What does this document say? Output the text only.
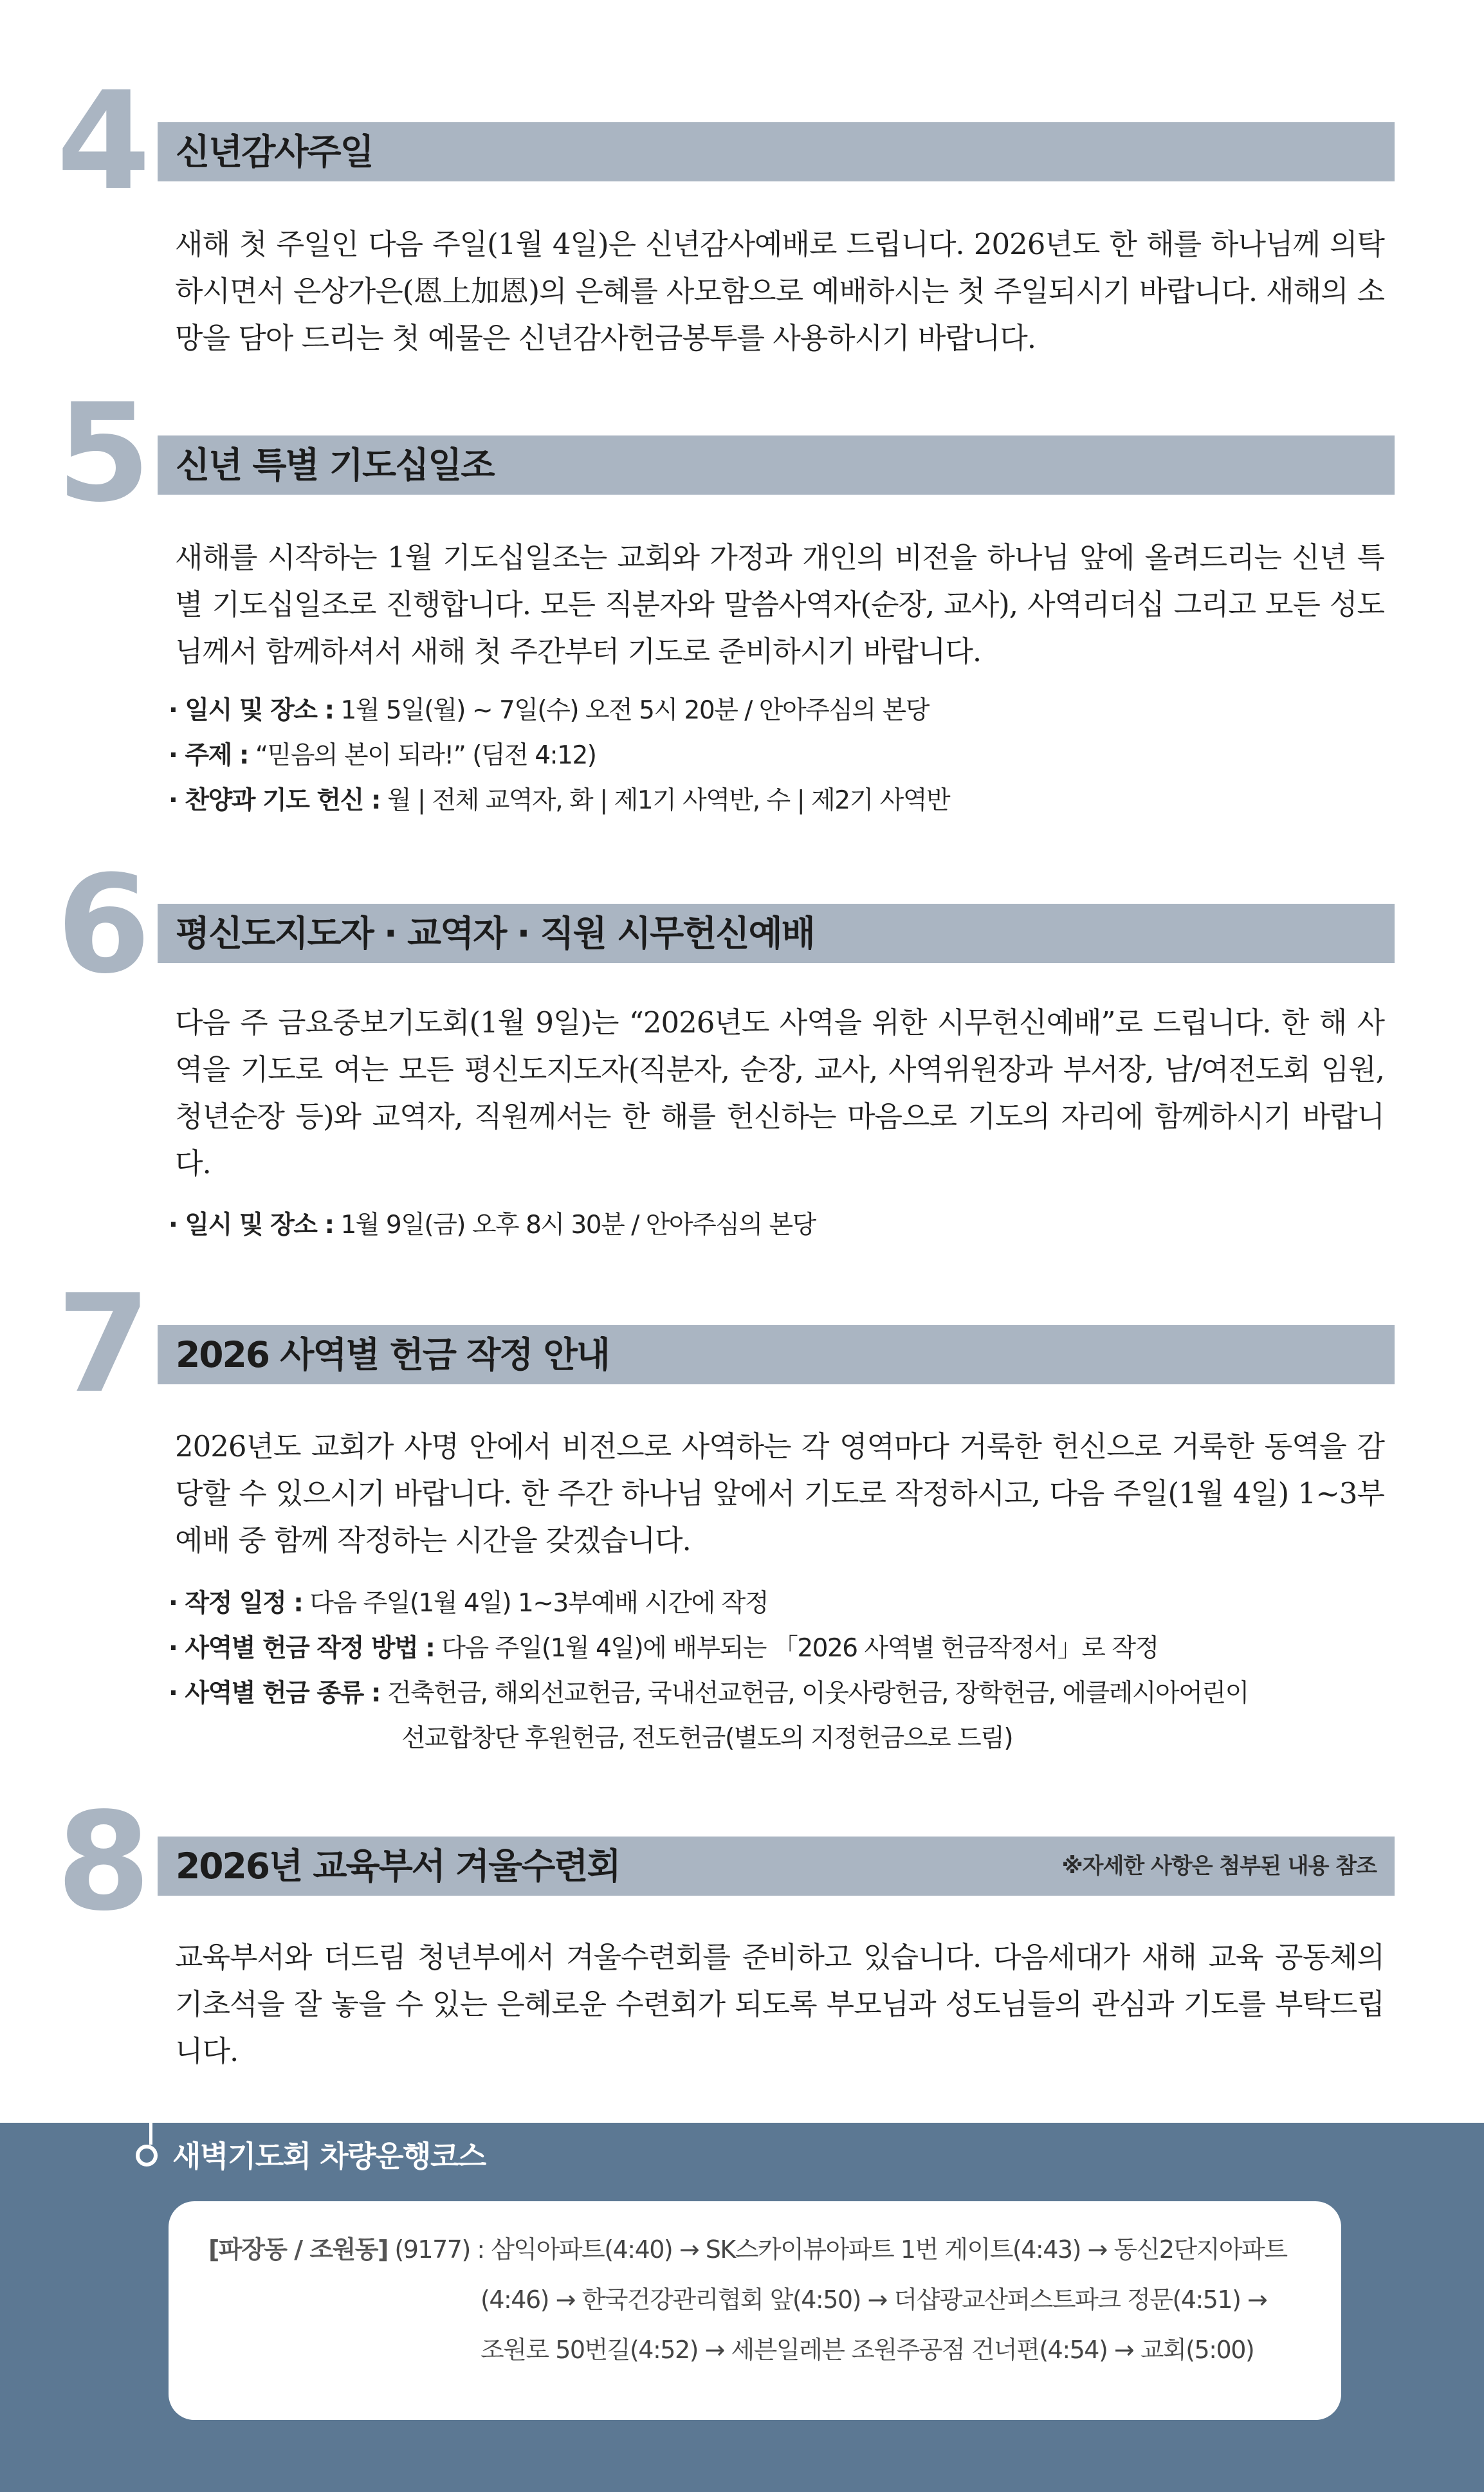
4 신년감사주일

새해 첫 주일인 다음 주일(1월 4일)은 신년감사예배로 드립니다. 2026년도 한 해를 하나님께 의탁하시면서 은상가은(恩上加恩)의 은혜를 사모함으로 예배하시는 첫 주일되시기 바랍니다. 새해의 소망을 담아 드리는 첫 예물은 신년감사헌금봉투를 사용하시기 바랍니다.

5 신년 특별 기도십일조

새해를 시작하는 1월 기도십일조는 교회와 가정과 개인의 비전을 하나님 앞에 올려드리는 신년 특별 기도십일조로 진행합니다. 모든 직분자와 말씀사역자(순장, 교사), 사역리더십 그리고 모든 성도님께서 함께하셔서 새해 첫 주간부터 기도로 준비하시기 바랍니다.

· 일시 및 장소 : 1월 5일(월) ~ 7일(수) 오전 5시 20분 / 안아주심의 본당
· 주제 : “믿음의 본이 되라!” (딤전 4:12)
· 찬양과 기도 헌신 : 월 | 전체 교역자, 화 | 제1기 사역반, 수 | 제2기 사역반
6 평신도지도자 · 교역자 · 직원 시무헌신예배

다음 주 금요중보기도회(1월 9일)는 “2026년도 사역을 위한 시무헌신예배”로 드립니다. 한 해 사역을 기도로 여는 모든 평신도지도자(직분자, 순장, 교사, 사역위원장과 부서장, 남/여전도회 임원, 청년순장 등)와 교역자, 직원께서는 한 해를 헌신하는 마음으로 기도의 자리에 함께하시기 바랍니다.

· 일시 및 장소 : 1월 9일(금) 오후 8시 30분 / 안아주심의 본당
7 2026 사역별 헌금 작정 안내

2026년도 교회가 사명 안에서 비전으로 사역하는 각 영역마다 거룩한 헌신으로 거룩한 동역을 감당할 수 있으시기 바랍니다. 한 주간 하나님 앞에서 기도로 작정하시고, 다음 주일(1월 4일) 1~3부예배 중 함께 작정하는 시간을 갖겠습니다.

· 작정 일정 : 다음 주일(1월 4일) 1~3부예배 시간에 작정
· 사역별 헌금 작정 방법 : 다음 주일(1월 4일)에 배부되는 「2026 사역별 헌금작정서」로 작정
· 사역별 헌금 종류 : 건축헌금, 해외선교헌금, 국내선교헌금, 이웃사랑헌금, 장학헌금, 에클레시아어린이
선교합창단 후원헌금, 전도헌금(별도의 지정헌금으로 드림)
8 2026년 교육부서 겨울수련회	※자세한 사항은 첨부된 내용 참조

교육부서와 더드림 청년부에서 겨울수련회를 준비하고 있습니다. 다음세대가 새해 교육 공동체의 기초석을 잘 놓을 수 있는 은혜로운 수련회가 되도록 부모님과 성도님들의 관심과 기도를 부탁드립니다.

새벽기도회 차량운행코스
[파장동 / 조원동] (9177) : 삼익아파트(4:40) → SK스카이뷰아파트 1번 게이트(4:43) → 동신2단지아파트
(4:46) → 한국건강관리협회 앞(4:50) → 더샵광교산퍼스트파크 정문(4:51) →
조원로 50번길(4:52) → 세븐일레븐 조원주공점 건너편(4:54) → 교회(5:00)
